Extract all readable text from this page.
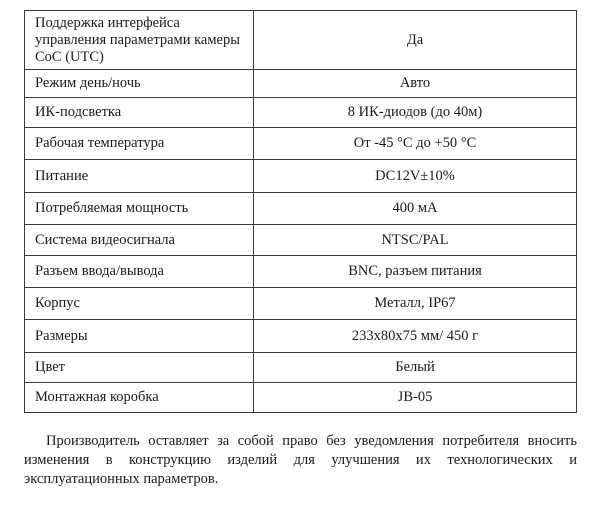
Поддержка интерфейса управления параметрами камеры CoC (UTC)	Да
Режим день/ночь	Авто
ИК-подсветка	8 ИК-диодов (до 40м)
Рабочая температура	От -45 °C до +50 °C
Питание	DC12V±10%
Потребляемая мощность	400 мА
Система видеосигнала	NTSC/PAL
Разъем ввода/вывода	BNC, разъем питания
Корпус	Металл, IP67
Размеры	233х80х75 мм/ 450 г
Цвет	Белый
Монтажная коробка	JB-05

Производитель оставляет за собой право без уведомления потребителя вносить изменения в конструкцию изделий для улучшения их технологических и эксплуатационных параметров.
